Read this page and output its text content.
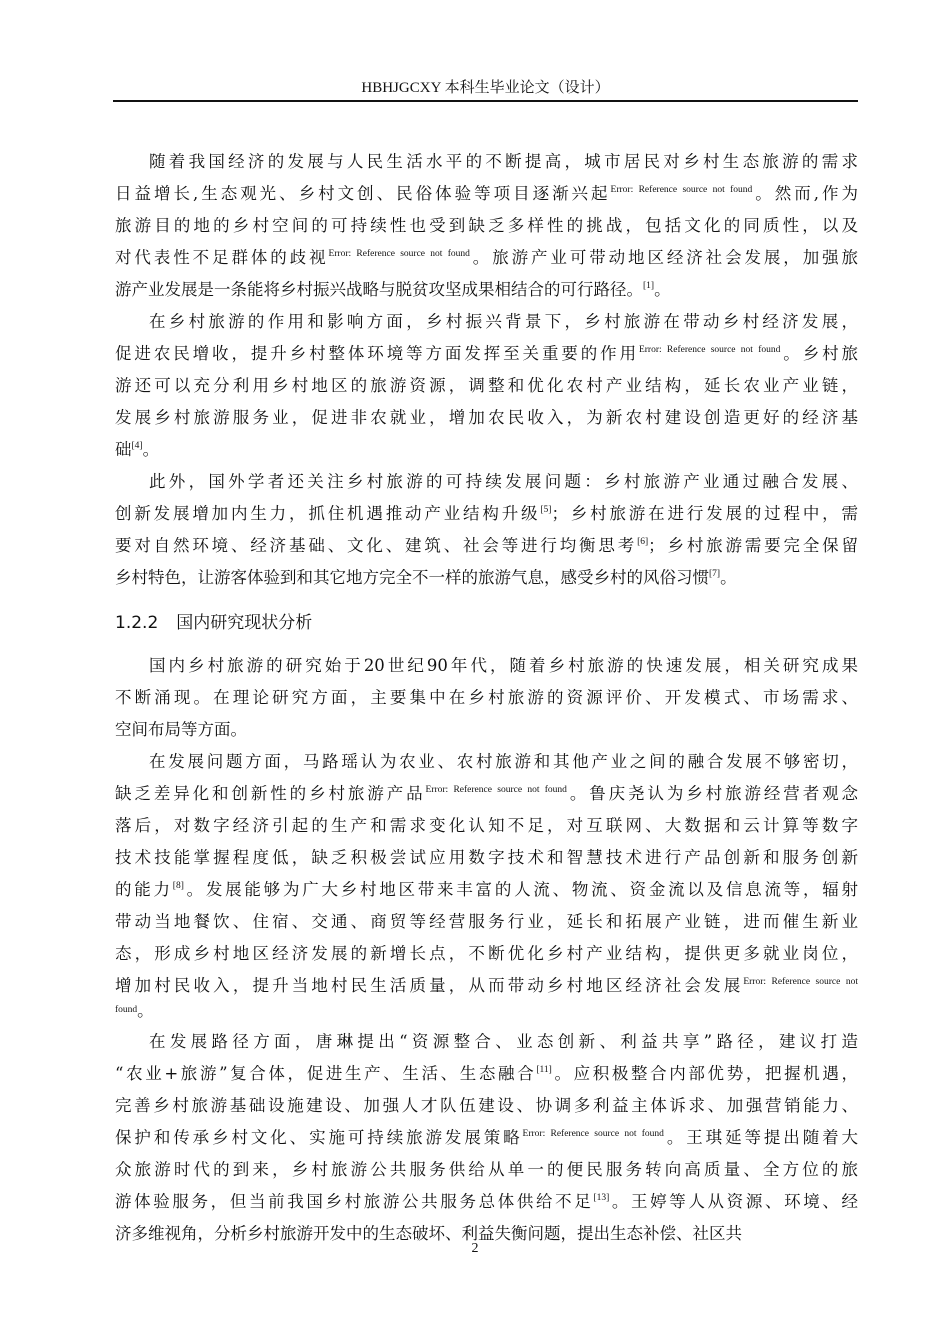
HBHJGCXY 本科生毕业论文（设计）
随着我国经济的发展与人民生活水平的不断提高，城市居民对乡村生态旅游的需求
日益增长,生态观光、乡村文创、民俗体验等项目逐渐兴起$^{Error: Reference source not found}$。然而,作为
旅游目的地的乡村空间的可持续性也受到缺乏多样性的挑战，包括文化的同质性，以及
对代表性不足群体的歧视$^{Error: Reference source not found}$。旅游产业可带动地区经济社会发展，加强旅
游产业发展是一条能将乡村振兴战略与脱贫攻坚成果相结合的可行路径。[1]。
在乡村旅游的作用和影响方面，乡村振兴背景下，乡村旅游在带动乡村经济发展，
促进农民增收，提升乡村整体环境等方面发挥至关重要的作用$^{Error: Reference source not found}$。乡村旅
游还可以充分利用乡村地区的旅游资源，调整和优化农村产业结构，延长农业产业链，
发展乡村旅游服务业，促进非农就业，增加农民收入，为新农村建设创造更好的经济基
础[4]。
此外，国外学者还关注乡村旅游的可持续发展问题：乡村旅游产业通过融合发展、
创新发展增加内生力，抓住机遇推动产业结构升级[5]；乡村旅游在进行发展的过程中，需
要对自然环境、经济基础、文化、建筑、社会等进行均衡思考[6]；乡村旅游需要完全保留
乡村特色，让游客体验到和其它地方完全不一样的旅游气息，感受乡村的风俗习惯[7]。
1.2.2 国内研究现状分析
国内乡村旅游的研究始于20世纪90年代，随着乡村旅游的快速发展，相关研究成果
不断涌现。在理论研究方面，主要集中在乡村旅游的资源评价、开发模式、市场需求、
空间布局等方面。
在发展问题方面，马路瑶认为农业、农村旅游和其他产业之间的融合发展不够密切，
缺乏差异化和创新性的乡村旅游产品$^{Error: Reference source not found}$。鲁庆尧认为乡村旅游经营者观念
落后，对数字经济引起的生产和需求变化认知不足，对互联网、大数据和云计算等数字
技术技能掌握程度低，缺乏积极尝试应用数字技术和智慧技术进行产品创新和服务创新
的能力[8]。发展能够为广大乡村地区带来丰富的人流、物流、资金流以及信息流等，辐射
带动当地餐饮、住宿、交通、商贸等经营服务行业，延长和拓展产业链，进而催生新业
态，形成乡村地区经济发展的新增长点，不断优化乡村产业结构，提供更多就业岗位，
增加村民收入，提升当地村民生活质量，从而带动乡村地区经济社会发展$^{Error: Reference source not}$
$^{found}$。
在发展路径方面，唐琳提出“资源整合、业态创新、利益共享”路径，建议打造
“农业+旅游”复合体，促进生产、生活、生态融合[11]。应积极整合内部优势，把握机遇，
完善乡村旅游基础设施建设、加强人才队伍建设、协调多利益主体诉求、加强营销能力、
保护和传承乡村文化、实施可持续旅游发展策略$^{Error: Reference source not found}$。王琪延等提出随着大
众旅游时代的到来，乡村旅游公共服务供给从单一的便民服务转向高质量、全方位的旅
游体验服务，但当前我国乡村旅游公共服务总体供给不足[13]。王婷等人从资源、环境、经
济多维视角，分析乡村旅游开发中的生态破坏、利益失衡问题，提出生态补偿、社区共
2
